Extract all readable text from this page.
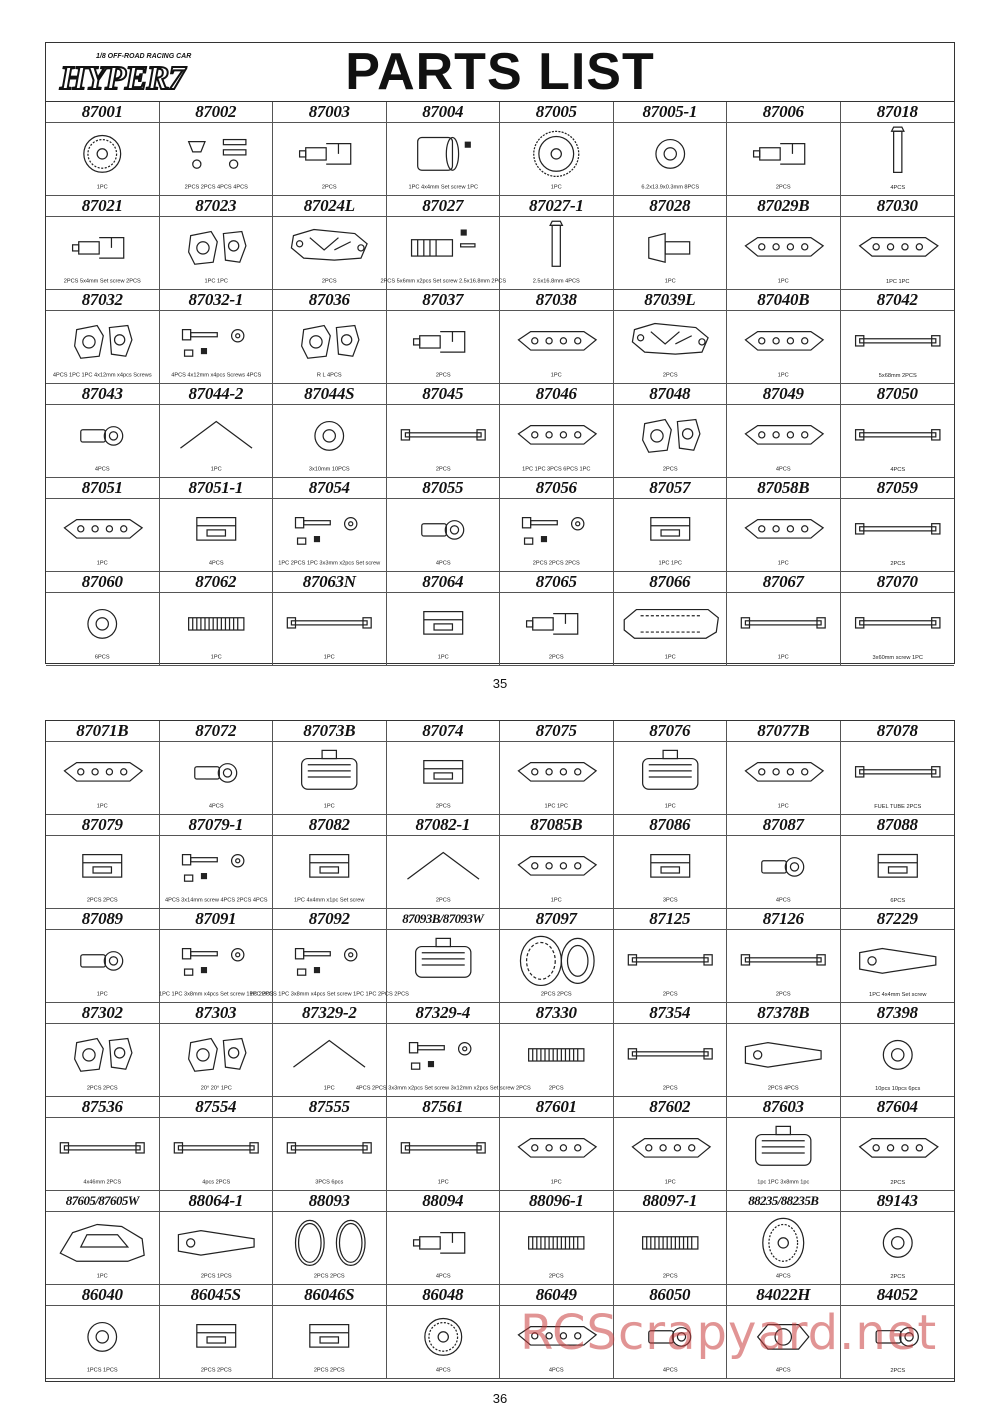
1/8 OFF-ROAD RACING CAR
HYPER7	PARTS LIST
87001
1PC
87002
2PCS 2PCS 4PCS 4PCS
87003
2PCS
87004
1PC 4x4mm Set screw 1PC
87005
1PC
87005-1
6.2x13.9x0.3mm 8PCS
87006
2PCS
87018
4PCS
87021
2PCS 5x4mm Set screw 2PCS
87023
1PC 1PC
87024L
2PCS
87027
2PCS 5x6mm x2pcs Set screw 2.5x16.8mm 2PCS
87027-1
2.5x16.8mm 4PCS
87028
1PC
87029B
1PC
87030
1PC 1PC
87032
4PCS 1PC 1PC 4x12mm x4pcs Screws
87032-1
4PCS 4x12mm x4pcs Screws 4PCS
87036
R L 4PCS
87037
2PCS
87038
1PC
87039L
2PCS
87040B
1PC
87042
5x68mm 2PCS
87043
4PCS
87044-2
1PC
87044S
3x10mm 10PCS
87045
2PCS
87046
1PC 1PC 3PCS 6PCS 1PC
87048
2PCS
87049
4PCS
87050
4PCS
87051
1PC
87051-1
4PCS
87054
1PC 2PCS 1PC 3x3mm x2pcs Set screw
87055
4PCS
87056
2PCS 2PCS 2PCS
87057
1PC 1PC
87058B
1PC
87059
2PCS
87060
6PCS
87062
1PC
87063N
1PC
87064
1PC
87065
2PCS
87066
1PC
87067
1PC
87070
3x60mm screw 1PC
35
87071B
1PC
87072
4PCS
87073B
1PC
87074
2PCS
87075
1PC 1PC
87076
1PC
87077B
1PC
87078
FUEL TUBE 2PCS
87079
2PCS 2PCS
87079-1
4PCS 3x14mm screw 4PCS 2PCS 4PCS
87082
1PC 4x4mm x1pc Set screw
87082-1
2PCS
87085B
1PC
87086
3PCS
87087
4PCS
87088
6PCS
87089
1PC
87091
1PC 1PC 3x8mm x4pcs Set screw 1PC 2PCS
87092
1PC 2PCS 1PC 3x8mm x4pcs Set screw 1PC 1PC 2PCS 2PCS
87093B/87093W	87097
2PCS 2PCS
87125
2PCS
87126
2PCS
87229
1PC 4x4mm Set screw
87302
2PCS 2PCS
87303
20° 20° 1PC
87329-2
1PC
87329-4
4PCS 2PCS 3x3mm x2pcs Set screw 3x12mm x2pcs Set screw 2PCS
87330
2PCS
87354
2PCS
87378B
2PCS 4PCS
87398
10pcs 10pcs 6pcs
87536
4x46mm 2PCS
87554
4pcs 2PCS
87555
3PCS 6pcs
87561
1PC
87601
1PC
87602
1PC
87603
1pc 1PC 3x8mm 1pc
87604
2PCS
87605/87605W
1PC
88064-1
2PCS 1PCS
88093
2PCS 2PCS
88094
4PCS
88096-1
2PCS
88097-1
2PCS
88235/88235B
4PCS
89143
2PCS
86040
1PCS 1PCS
86045S
2PCS 2PCS
86046S
2PCS 2PCS
86048
4PCS
86049
4PCS
86050
4PCS
84022H
4PCS
84052
2PCS
36
RCScrapyard.net
